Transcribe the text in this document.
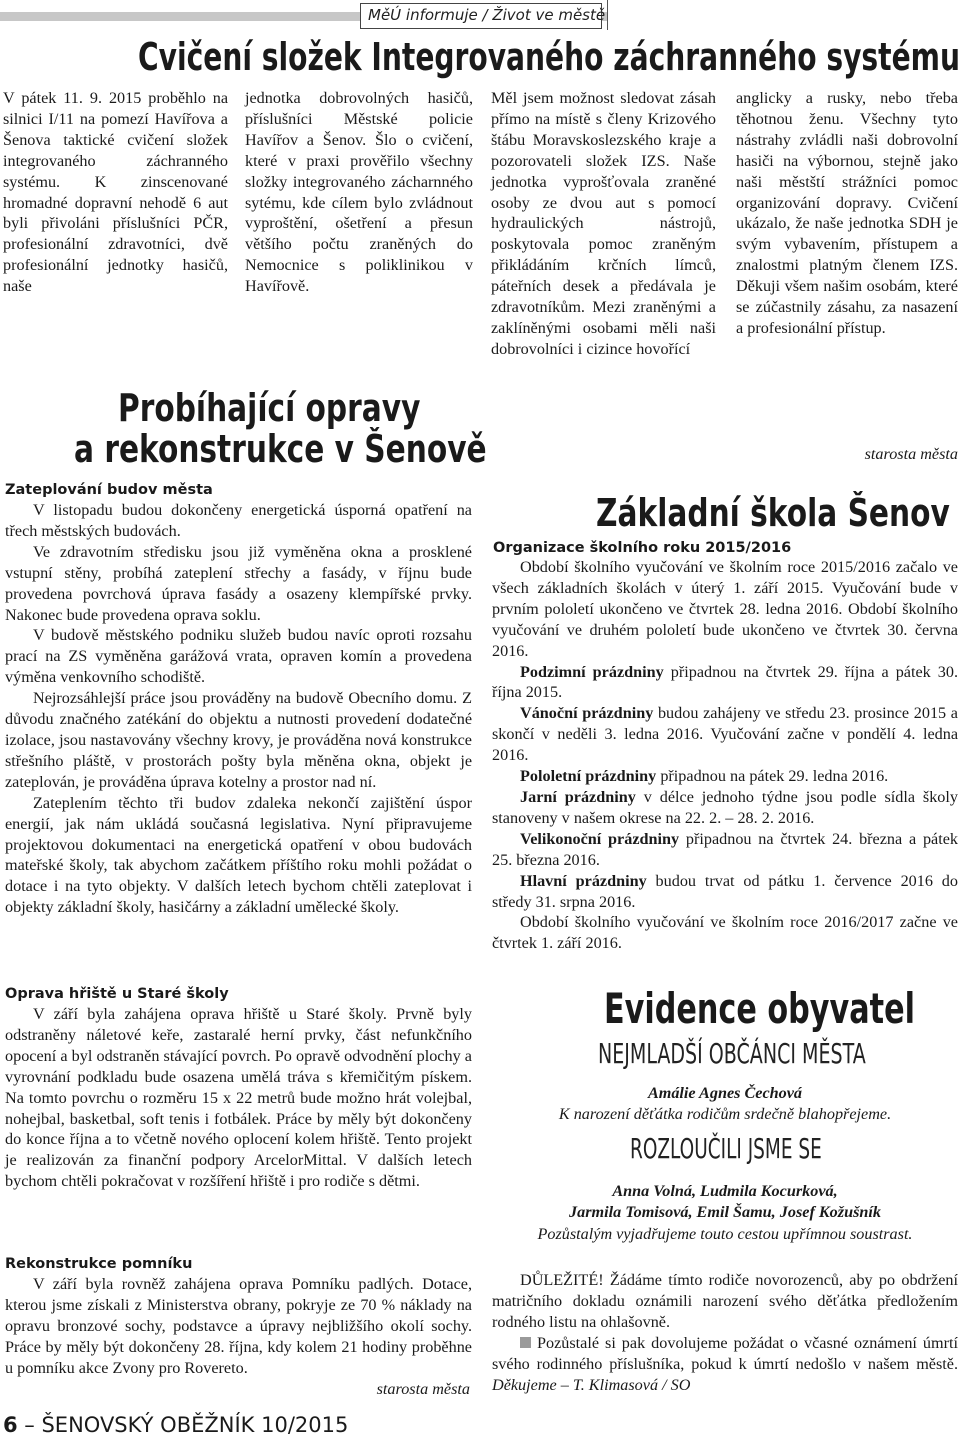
MěÚ informuje / Život ve městě
Cvičení složek Integrovaného záchranného systému
V pátek 11. 9. 2015 proběhlo na silnici I/11 na pomezí Havířova a Šenova taktické cvičení složek integrovaného záchranného systému. K zinscenované hromadné dopravní nehodě 6 aut byli přivoláni příslušníci PČR, profesionální zdravotníci, dvě profesionální jednotky hasičů, naše
jednotka dobrovolných hasičů, příslušníci Městské policie Havířov a Šenov. Šlo o cvičení, které v praxi prověřilo všechny složky integrovaného zácharnného sytému, kde cílem bylo zvládnout vyproštění, ošetření a přesun většího počtu zraněných do Nemocnice s poliklinikou v Havířově.
Měl jsem možnost sledovat zásah přímo na místě s členy Krizového štábu Moravskoslezského kraje a pozorovateli složek IZS. Naše jednotka vyprošťovala zraněné osoby ze dvou aut s pomocí hydraulických nástrojů, poskytovala pomoc zraněným přikládáním krčních límců, páteřních desek a předávala je zdravotníkům. Mezi zraněnými a zaklíněnými osobami měli naši dobrovolníci i cizince hovořící
anglicky a rusky, nebo třeba těhotnou ženu. Všechny tyto nástrahy zvládli naši dobrovolní hasiči na výbornou, stejně jako naši městští strážníci pomoc organizování dopravy. Cvičení ukázalo, že naše jednotka SDH je svým vybavením, přístupem a znalostmi platným členem IZS. Děkuji všem našim osobám, které se zúčastnily zásahu, za nasazení a profesionální přístup.
starosta města
Probíhající opravy
a rekonstrukce v Šenově
Zateplování budov města

V listopadu budou dokončeny energetická úsporná opatření na třech městských budovách.

Ve zdravotním středisku jsou již vyměněna okna a prosklené vstupní stěny, probíhá zateplení střechy a fasády, v říjnu bude provedena povrchová úprava fasády a osazeny klempířské prvky. Nakonec bude provedena oprava soklu.

V budově městského podniku služeb budou navíc oproti rozsahu prací na ZS vyměněna garážová vrata, opraven komín a provedena výměna venkovního schodiště.

Nejrozsáhlejší práce jsou prováděny na budově Obecního domu. Z důvodu značného zatékání do objektu a nutnosti provedení dodatečné izolace, jsou nastavovány všechny krovy, je prováděna nová konstrukce střešního pláště, v prostorách pošty byla měněna okna, objekt je zateplován, je prováděna úprava kotelny a prostor nad ní.

Zateplením těchto tři budov zdaleka nekončí zajištění úspor energií, jak nám ukládá současná legislativa. Nyní připravujeme projektovou dokumentaci na energetická opatření v obou budovách mateřské školy, tak abychom začátkem příštího roku mohli požádat o dotace i na tyto objekty. V dalších letech bychom chtěli zateplovat i objekty základní školy, hasičárny a základní umělecké školy.

Oprava hřiště u Staré školy

V září byla zahájena oprava hřiště u Staré školy. Prvně byly odstraněny náletové keře, zastaralé herní prvky, část nefunkčního opocení a byl odstraněn stávající povrch. Po opravě odvodnění plochy a vyrovnání podkladu bude osazena umělá tráva s křemičitým pískem. Na tomto povrchu o rozměru 15 x 22 metrů bude možno hrát volejbal, nohejbal, basketbal, soft tenis i fotbálek. Práce by měly být dokončeny do konce října a to včetně nového oplocení kolem hřiště. Tento projekt je realizován za finanční podpory ArcelorMittal. V dalších letech bychom chtěli pokračovat v rozšíření hřiště i pro rodiče s dětmi.

Rekonstrukce pomníku

V září byla rovněž zahájena oprava Pomníku padlých. Dotace, kterou jsme získali z Ministerstva obrany, pokryje ze 70 % náklady na opravu bronzové sochy, podstavce a úpravy nejbližšího okolí sochy. Práce by měly být dokončeny 28. října, kdy kolem 21 hodiny proběhne u pomníku akce Zvony pro Rovereto.

starosta města
Základní škola Šenov
Organizace školního roku 2015/2016

Období školního vyučování ve školním roce 2015/2016 začalo ve všech základních školách v úterý 1. září 2015. Vyučování bude v prvním pololetí ukončeno ve čtvrtek 28. ledna 2016. Období školního vyučování ve druhém pololetí bude ukončeno ve čtvrtek 30. června 2016.

Podzimní prázdniny připadnou na čtvrtek 29. října a pátek 30. října 2015.

Vánoční prázdniny budou zahájeny ve středu 23. prosince 2015 a skončí v neděli 3. ledna 2016. Vyučování začne v pondělí 4. ledna 2016.

Pololetní prázdniny připadnou na pátek 29. ledna 2016.

Jarní prázdniny v délce jednoho týdne jsou podle sídla školy stanoveny v našem okrese na 22. 2. – 28. 2. 2016.

Velikonoční prázdniny připadnou na čtvrtek 24. března a pátek 25. března 2016.

Hlavní prázdniny budou trvat od pátku 1. července 2016 do středy 31. srpna 2016.

Období školního vyučování ve školním roce 2016/2017 začne ve čtvrtek 1. září 2016.

Evidence obyvatel
NEJMLADŠÍ OBČÁNCI MĚSTA
Amálie Agnes Čechová
K narození děťátka rodičům srdečně blahopřejeme.
ROZLOUČILI JSME SE
Anna Volná, Ludmila Kocurková,
Jarmila Tomisová, Emil Šamu, Josef Kožušník
Pozůstalým vyjadřujeme touto cestou upřímnou soustrast.

DŮLEŽITÉ! Žádáme tímto rodiče novorozenců, aby po obdržení matričního dokladu oznámili narození svého děťátka předložením rodného listu na ohlašovně.

Pozůstalé si pak dovolujeme požádat o včasné oznámení úmrtí svého rodinného příslušníka, pokud k úmrtí nedošlo v našem městě. Děkujeme – T. Klimasová / SO

6 – ŠENOVSKÝ OBĚŽNÍK 10/2015
